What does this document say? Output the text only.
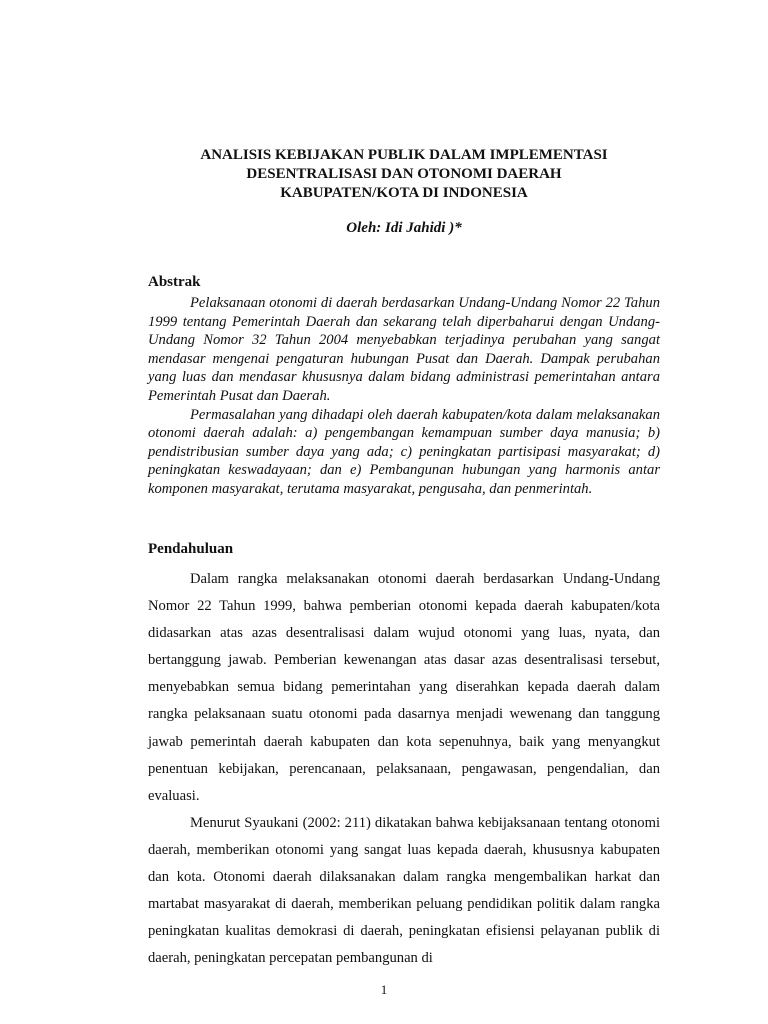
ANALISIS KEBIJAKAN PUBLIK DALAM IMPLEMENTASI
DESENTRALISASI DAN OTONOMI DAERAH
KABUPATEN/KOTA DI INDONESIA
Oleh: Idi Jahidi )*
Abstrak

Pelaksanaan otonomi di daerah berdasarkan Undang-Undang Nomor 22 Tahun 1999 tentang Pemerintah Daerah dan sekarang telah diperbaharui dengan Undang-Undang Nomor 32 Tahun 2004 menyebabkan terjadinya perubahan yang sangat mendasar mengenai pengaturan hubungan Pusat dan Daerah. Dampak perubahan yang luas dan mendasar khususnya dalam bidang administrasi pemerintahan antara Pemerintah Pusat dan Daerah.

Permasalahan yang dihadapi oleh daerah kabupaten/kota dalam melaksanakan otonomi daerah adalah: a) pengembangan kemampuan sumber daya manusia; b) pendistribusian sumber daya yang ada; c) peningkatan partisipasi masyarakat; d) peningkatan keswadayaan; dan e) Pembangunan hubungan yang harmonis antar komponen masyarakat, terutama masyarakat, pengusaha, dan penmerintah.

Pendahuluan

Dalam rangka melaksanakan otonomi daerah berdasarkan Undang-Undang Nomor 22 Tahun 1999, bahwa pemberian otonomi kepada daerah kabupaten/kota didasarkan atas azas desentralisasi dalam wujud otonomi yang luas, nyata, dan bertanggung jawab. Pemberian kewenangan atas dasar azas desentralisasi tersebut, menyebabkan semua bidang pemerintahan yang diserahkan kepada daerah dalam rangka pelaksanaan suatu otonomi pada dasarnya menjadi wewenang dan tanggung jawab pemerintah daerah kabupaten dan kota sepenuhnya, baik yang menyangkut penentuan kebijakan, perencanaan, pelaksanaan, pengawasan, pengendalian, dan evaluasi.

Menurut Syaukani (2002: 211) dikatakan bahwa kebijaksanaan tentang otonomi daerah, memberikan otonomi yang sangat luas kepada daerah, khususnya kabupaten dan kota. Otonomi daerah dilaksanakan dalam rangka mengembalikan harkat dan martabat masyarakat di daerah, memberikan peluang pendidikan politik dalam rangka peningkatan kualitas demokrasi di daerah, peningkatan efisiensi pelayanan publik di daerah, peningkatan percepatan pembangunan di

1
